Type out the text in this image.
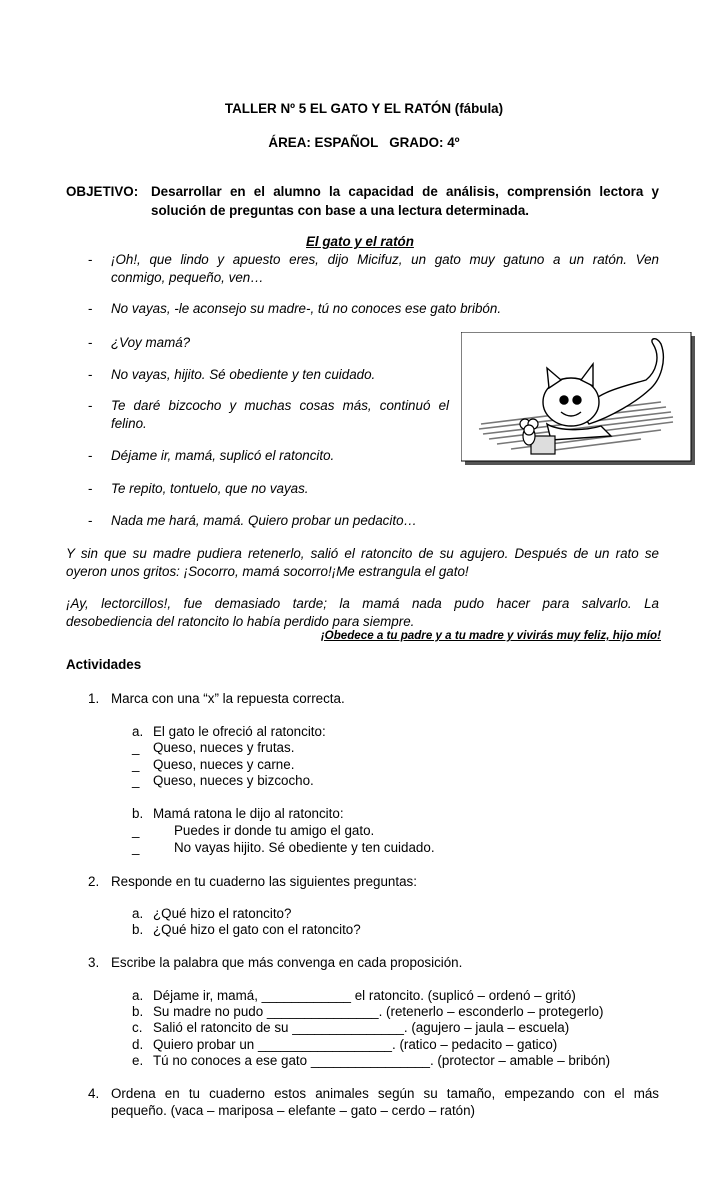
TALLER Nº 5 EL GATO Y EL RATÓN (fábula)
ÁREA: ESPAÑOL   GRADO: 4º
OBJETIVO: Desarrollar en el alumno la capacidad de análisis, comprensión lectora y
solución de preguntas con base a una lectura determinada.
El gato y el ratón
- ¡Oh!, que lindo y apuesto eres, dijo Micifuz, un gato muy gatuno a un ratón. Ven
conmigo, pequeño, ven…
- No vayas, -le aconsejo su madre-, tú no conoces ese gato bribón.
- ¿Voy mamá?
- No vayas, hijito. Sé obediente y ten cuidado.
- Te daré bizcocho y muchas cosas más, continuó el
felino.
- Déjame ir, mamá, suplicó el ratoncito.
- Te repito, tontuelo, que no vayas.
- Nada me hará, mamá. Quiero probar un pedacito…
Y sin que su madre pudiera retenerlo, salió el ratoncito de su agujero. Después de un rato se
oyeron unos gritos: ¡Socorro, mamá socorro!¡Me estrangula el gato!
¡Ay, lectorcillos!, fue demasiado tarde; la mamá nada pudo hacer para salvarlo. La
desobediencia del ratoncito lo había perdido para siempre.
¡Obedece a tu padre y a tu madre y vivirás muy feliz, hijo mío!
Actividades
1. Marca con una “x” la repuesta correcta.
a. El gato le ofreció al ratoncito:
_ Queso, nueces y frutas.
_ Queso, nueces y carne.
_ Queso, nueces y bizcocho.
b. Mamá ratona le dijo al ratoncito:
_	Puedes ir donde tu amigo el gato.
_	No vayas hijito. Sé obediente y ten cuidado.
2. Responde en tu cuaderno las siguientes preguntas:
a. ¿Qué hizo el ratoncito?
b. ¿Qué hizo el gato con el ratoncito?
3. Escribe la palabra que más convenga en cada proposición.
a. Déjame ir, mamá, ____________ el ratoncito. (suplicó – ordenó – gritó)
b. Su madre no pudo _______________. (retenerlo – esconderlo – protegerlo)
c. Salió el ratoncito de su _______________. (agujero – jaula – escuela)
d. Quiero probar un __________________. (ratico – pedacito – gatico)
e. Tú no conoces a ese gato ________________. (protector – amable – bribón)
4. Ordena en tu cuaderno estos animales según su tamaño, empezando con el más
pequeño. (vaca – mariposa – elefante – gato – cerdo – ratón)
